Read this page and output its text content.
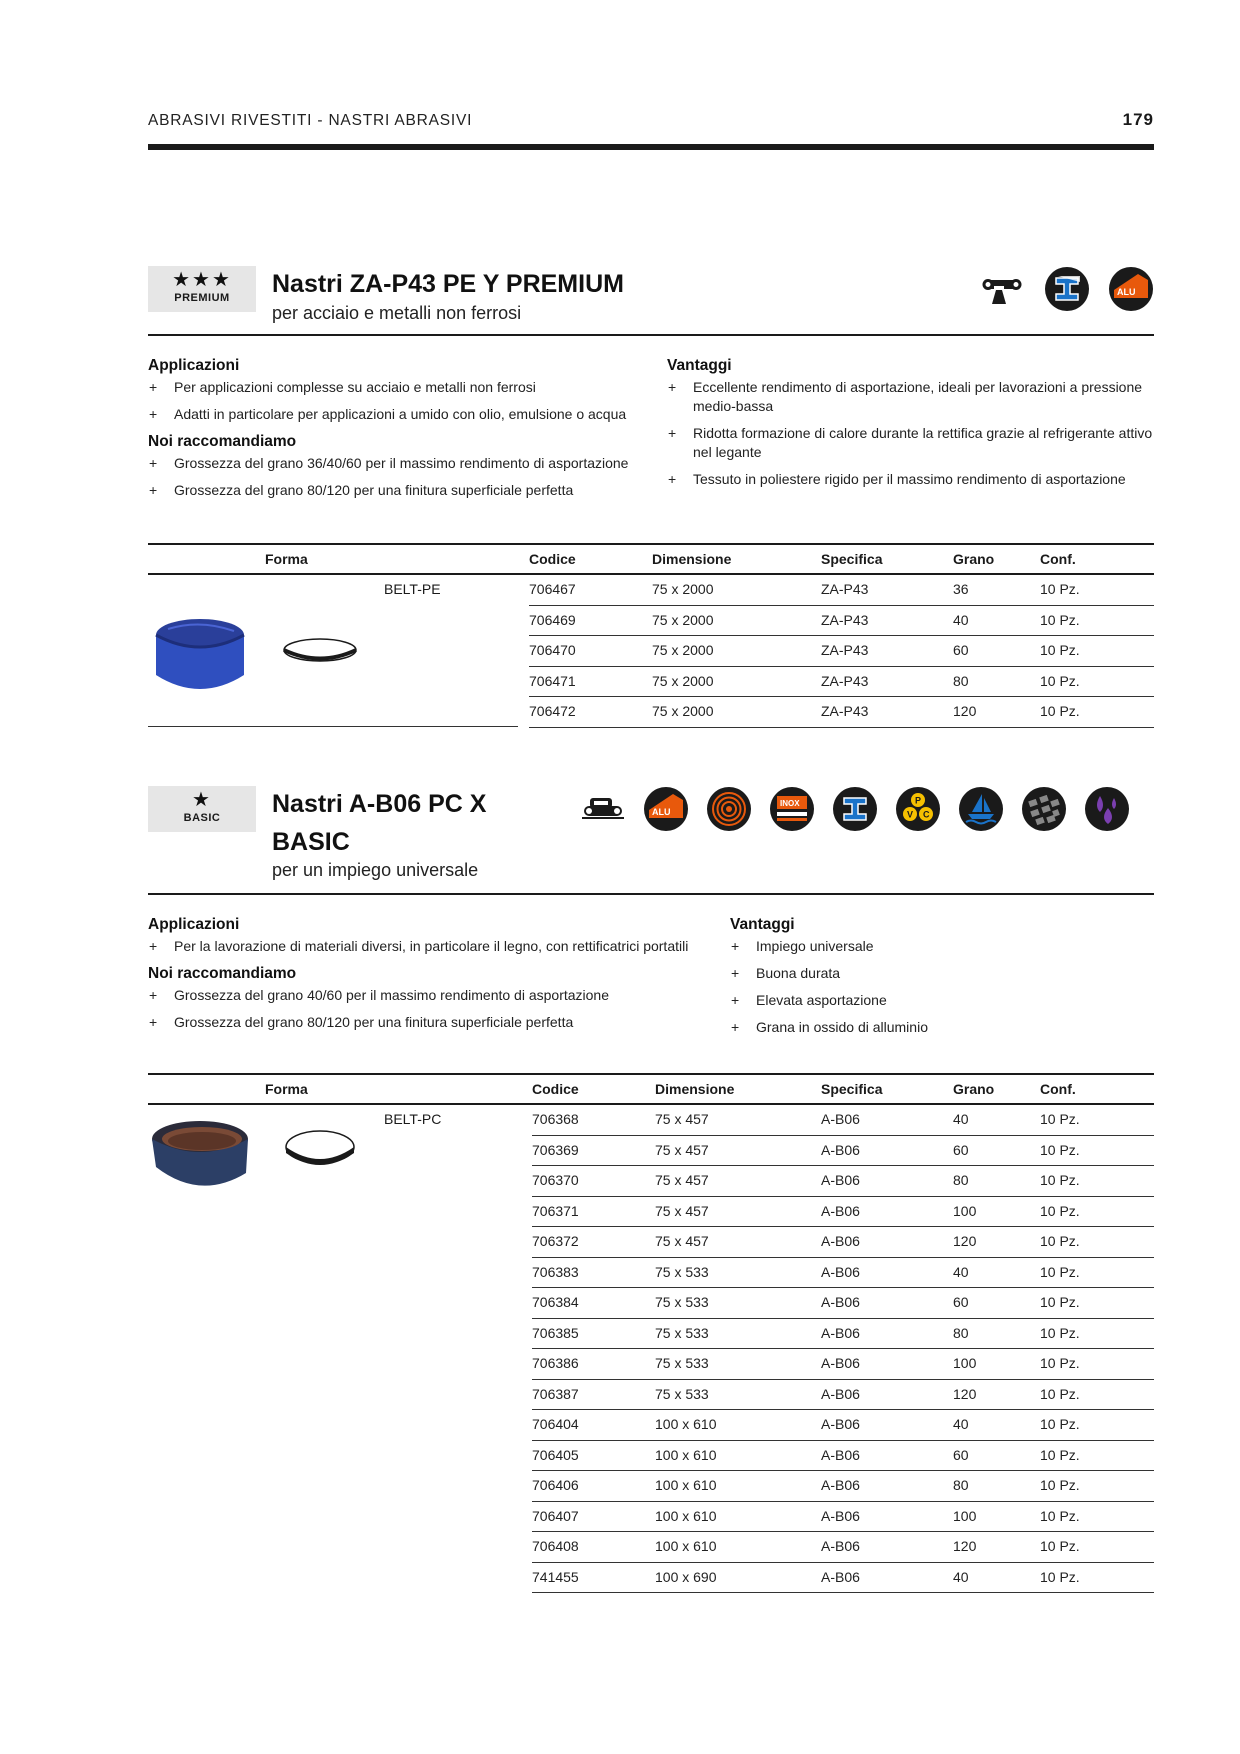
ABRASIVI RIVESTITI - NASTRI ABRASIVI	179
★★★
PREMIUM	Nastri ZA-P43 PE Y PREMIUM
per acciaio e metalli non ferrosi
ALU
Applicazioni
+ Per applicazioni complesse su acciaio e metalli non ferrosi
+ Adatti in particolare per applicazioni a umido con olio, emulsione o acqua
Noi raccomandiamo
+ Grossezza del grano 36/40/60 per il massimo rendimento di asportazione
+ Grossezza del grano 80/120 per una finitura superficiale perfetta
Vantaggi
+ Eccellente rendimento di asportazione, ideali per lavorazioni a pressione medio-bassa
+ Ridotta formazione di calore durante la rettifica grazie al refrigerante attivo nel legante
+ Tessuto in poliestere rigido per il massimo rendimento di asportazione
Forma	Codice	Dimensione	Specifica	Grano	Conf.
BELT-PE	706467	75 x 2000	ZA-P43	36	10 Pz.
706469	75 x 2000	ZA-P43	40	10 Pz.
706470	75 x 2000	ZA-P43	60	10 Pz.
706471	75 x 2000	ZA-P43	80	10 Pz.
706472	75 x 2000	ZA-P43	120	10 Pz.
★
BASIC	Nastri A-B06 PC X BASIC
per un impiego universale
ALU
INOX	P
V C
Applicazioni
+ Per la lavorazione di materiali diversi, in particolare il legno, con rettificatrici portatili
Noi raccomandiamo
+ Grossezza del grano 40/60 per il massimo rendimento di asportazione
+ Grossezza del grano 80/120 per una finitura superficiale perfetta
Vantaggi
+ Impiego universale
+ Buona durata
+ Elevata asportazione
+ Grana in ossido di alluminio
Forma	Codice	Dimensione	Specifica	Grano	Conf.
BELT-PC	706368	75 x 457	A-B06	40	10 Pz.
706369	75 x 457	A-B06	60	10 Pz.
706370	75 x 457	A-B06	80	10 Pz.
706371	75 x 457	A-B06	100	10 Pz.
706372	75 x 457	A-B06	120	10 Pz.
706383	75 x 533	A-B06	40	10 Pz.
706384	75 x 533	A-B06	60	10 Pz.
706385	75 x 533	A-B06	80	10 Pz.
706386	75 x 533	A-B06	100	10 Pz.
706387	75 x 533	A-B06	120	10 Pz.
706404	100 x 610	A-B06	40	10 Pz.
706405	100 x 610	A-B06	60	10 Pz.
706406	100 x 610	A-B06	80	10 Pz.
706407	100 x 610	A-B06	100	10 Pz.
706408	100 x 610	A-B06	120	10 Pz.
741455	100 x 690	A-B06	40	10 Pz.
